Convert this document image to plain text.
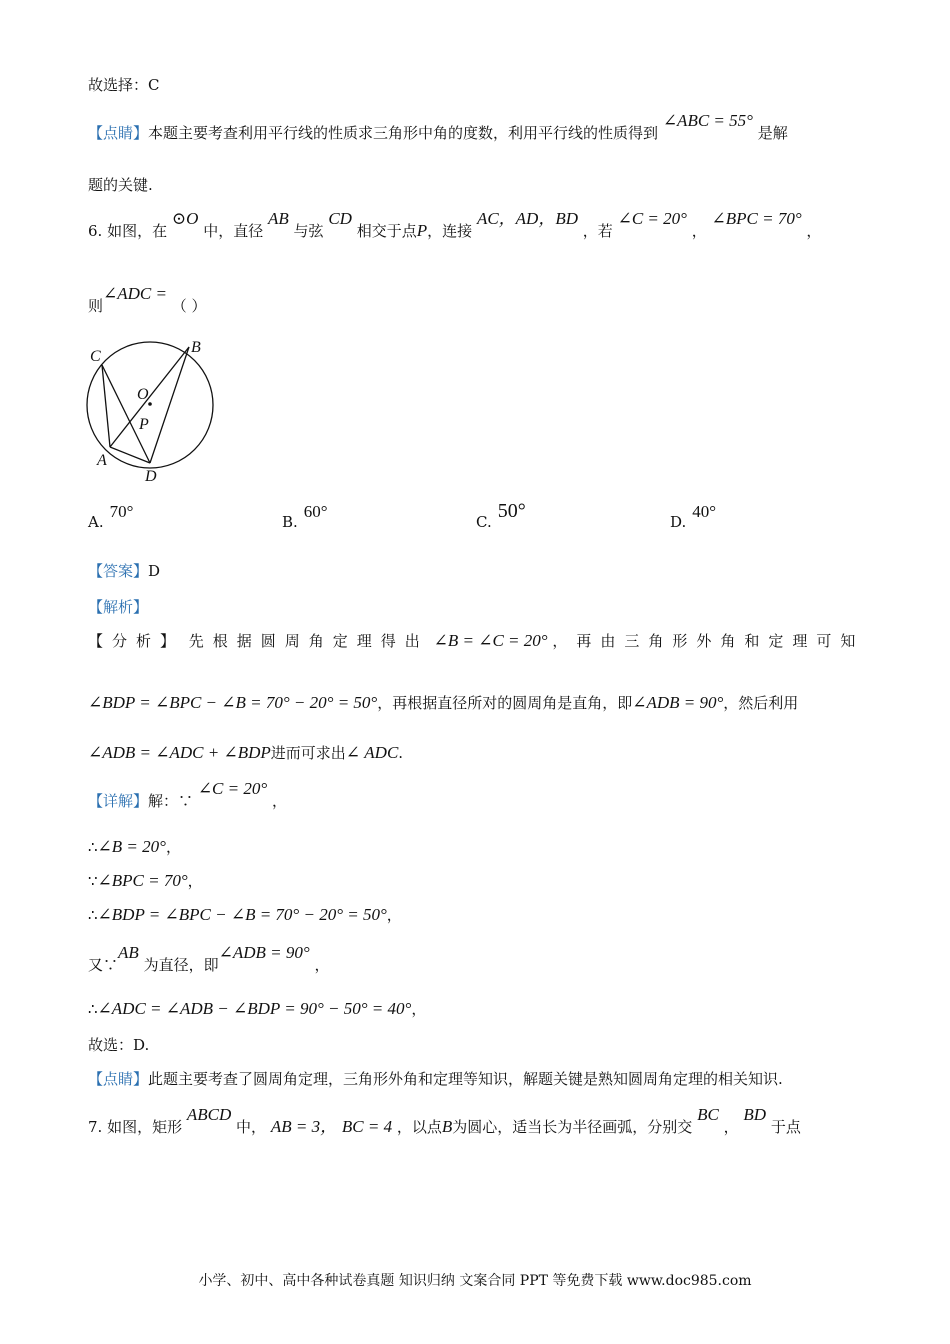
故选择：C
【点睛】本题主要考查利用平行线的性质求三角形中角的度数，利用平行线的性质得到 ∠ABC = 55° 是解
题的关键.
6. 如图，在 ⊙O 中，直径 AB 与弦 CD 相交于点P，连接 AC，AD，BD ，若 ∠C = 20° ， ∠BPC = 70° ，
则∠ADC = （ ）
C
B
O
P
A
D
A.70°
B.60°
C. 50°	D.40°
【答案】D
【解析】
【分析】 先根据圆周角定理得出 ∠B = ∠C = 20° ，再由三角形外角和定理可知
∠BDP = ∠BPC − ∠B = 70° − 20° = 50°，再根据直径所对的圆周角是直角，即∠ADB = 90°，然后利用
∠ADB = ∠ADC + ∠BDP进而可求出∠ ADC.
【详解】解：∵ ∠C = 20° ，
∴∠B = 20°，
∵∠BPC = 70°，
∴∠BDP = ∠BPC − ∠B = 70° − 20° = 50°，
又∵AB 为直径，即∠ADB = 90° ，
∴∠ADC = ∠ADB − ∠BDP = 90° − 50° = 40°，
故选：D.
【点睛】此题主要考查了圆周角定理，三角形外角和定理等知识，解题关键是熟知圆周角定理的相关知识.
7. 如图，矩形 ABCD 中， AB = 3， BC = 4 ，以点B为圆心，适当长为半径画弧，分别交 BC ， BD 于点
小学、初中、高中各种试卷真题 知识归纳 文案合同 PPT 等免费下载 www.doc985.com
